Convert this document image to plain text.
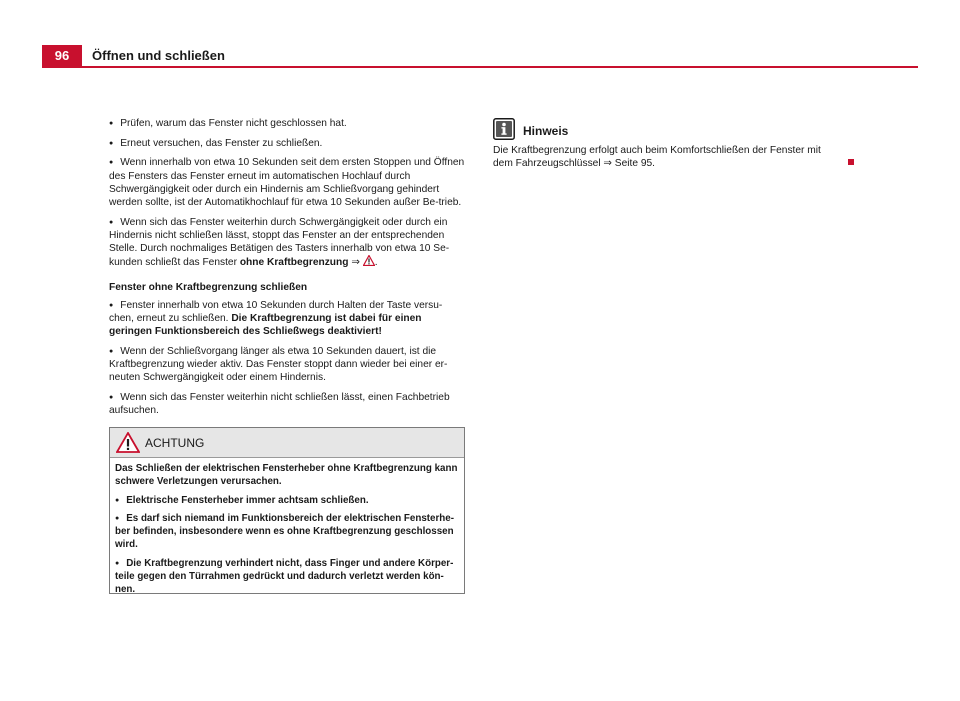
96	Öffnen und schließen

● Prüfen, warum das Fenster nicht geschlossen hat.

● Erneut versuchen, das Fenster zu schließen.

● Wenn innerhalb von etwa 10 Sekunden seit dem ersten Stoppen und Öffnen des Fensters das Fenster erneut im automatischen Hochlauf durch Schwergängigkeit oder durch ein Hindernis am Schließvorgang gehindert werden sollte, ist der Automatikhochlauf für etwa 10 Sekunden außer Be-trieb.

● Wenn sich das Fenster weiterhin durch Schwergängigkeit oder durch ein Hindernis nicht schließen lässt, stoppt das Fenster an der entsprechenden Stelle. Durch nochmaliges Betätigen des Tasters innerhalb von etwa 10 Se-kunden schließt das Fenster ohne Kraftbegrenzung ⇒ .

Fenster ohne Kraftbegrenzung schließen

● Fenster innerhalb von etwa 10 Sekunden durch Halten der Taste versu-chen, erneut zu schließen. Die Kraftbegrenzung ist dabei für einen geringen Funktionsbereich des Schließwegs deaktiviert!

● Wenn der Schließvorgang länger als etwa 10 Sekunden dauert, ist die Kraftbegrenzung wieder aktiv. Das Fenster stoppt dann wieder bei einer er-neuten Schwergängigkeit oder einem Hindernis.

● Wenn sich das Fenster weiterhin nicht schließen lässt, einen Fachbetrieb aufsuchen.

ACHTUNG

Das Schließen der elektrischen Fensterheber ohne Kraftbegrenzung kann schwere Verletzungen verursachen.

● Elektrische Fensterheber immer achtsam schließen.

● Es darf sich niemand im Funktionsbereich der elektrischen Fensterhe-ber befinden, insbesondere wenn es ohne Kraftbegrenzung geschlossen wird.

● Die Kraftbegrenzung verhindert nicht, dass Finger und andere Körper-teile gegen den Türrahmen gedrückt und dadurch verletzt werden kön-nen.

Hinweis
Die Kraftbegrenzung erfolgt auch beim Komfortschließen der Fenster mit dem Fahrzeugschlüssel ⇒ Seite 95.
